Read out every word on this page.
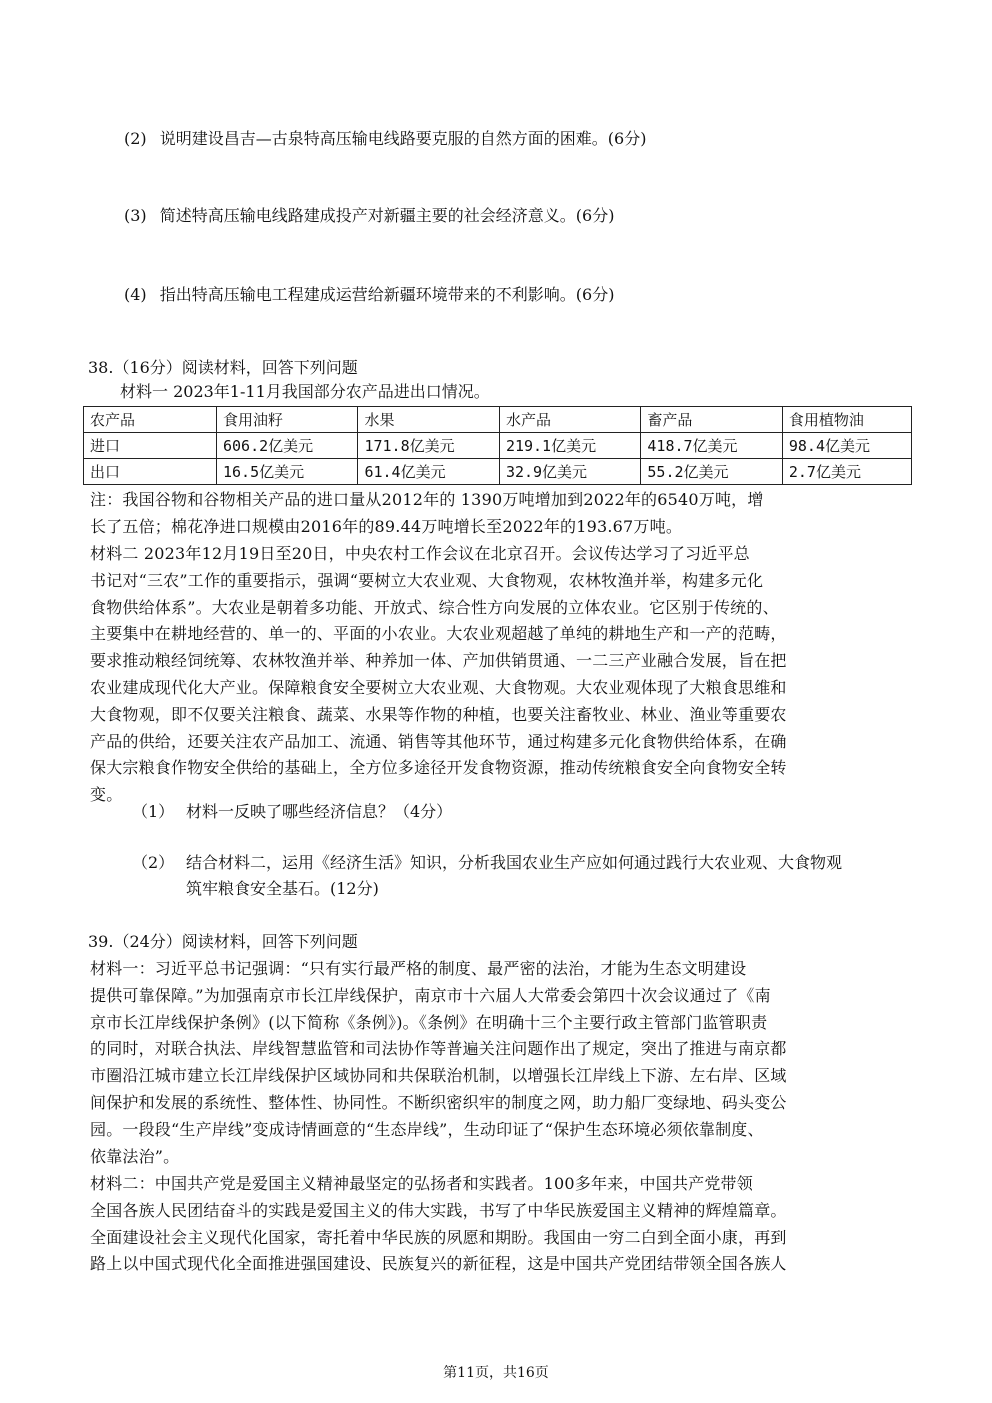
(2) 说明建设昌吉—古泉特高压输电线路要克服的自然方面的困难。(6分)
(3) 简述特高压输电线路建成投产对新疆主要的社会经济意义。(6分)
(4) 指出特高压输电工程建成运营给新疆环境带来的不利影响。(6分)
38.（16分）阅读材料，回答下列问题
材料一 2023年1-11月我国部分农产品进出口情况。
农产品	食用油籽	水果	水产品	畜产品	食用植物油
进口	606.2亿美元	171.8亿美元	219.1亿美元	418.7亿美元	98.4亿美元
出口	16.5亿美元	61.4亿美元	32.9亿美元	55.2亿美元	2.7亿美元
注：我国谷物和谷物相关产品的进口量从2012年的 1390万吨增加到2022年的6540万吨，增
长了五倍；棉花净进口规模由2016年的89.44万吨增长至2022年的193.67万吨。
材料二 2023年12月19日至20日，中央农村工作会议在北京召开。会议传达学习了习近平总
书记对“三农”工作的重要指示，强调“要树立大农业观、大食物观，农林牧渔并举，构建多元化
食物供给体系”。大农业是朝着多功能、开放式、综合性方向发展的立体农业。它区别于传统的、
主要集中在耕地经营的、单一的、平面的小农业。大农业观超越了单纯的耕地生产和一产的范畴，
要求推动粮经饲统筹、农林牧渔并举、种养加一体、产加供销贯通、一二三产业融合发展，旨在把
农业建成现代化大产业。保障粮食安全要树立大农业观、大食物观。大农业观体现了大粮食思维和
大食物观，即不仅要关注粮食、蔬菜、水果等作物的种植，也要关注畜牧业、林业、渔业等重要农
产品的供给，还要关注农产品加工、流通、销售等其他环节，通过构建多元化食物供给体系，在确
保大宗粮食作物安全供给的基础上，全方位多途径开发食物资源，推动传统粮食安全向食物安全转
变。
（1） 材料一反映了哪些经济信息？（4分）
（2） 结合材料二，运用《经济生活》知识，分析我国农业生产应如何通过践行大农业观、大食物观
筑牢粮食安全基石。(12分)
39.（24分）阅读材料，回答下列问题
材料一：习近平总书记强调：“只有实行最严格的制度、最严密的法治，才能为生态文明建设
提供可靠保障。”为加强南京市长江岸线保护，南京市十六届人大常委会第四十次会议通过了《南
京市长江岸线保护条例》(以下简称《条例》)。《条例》在明确十三个主要行政主管部门监管职责
的同时，对联合执法、岸线智慧监管和司法协作等普遍关注问题作出了规定，突出了推进与南京都
市圈沿江城市建立长江岸线保护区域协同和共保联治机制，以增强长江岸线上下游、左右岸、区域
间保护和发展的系统性、整体性、协同性。不断织密织牢的制度之网，助力船厂变绿地、码头变公
园。一段段“生产岸线”变成诗情画意的“生态岸线”，生动印证了“保护生态环境必须依靠制度、
依靠法治”。
材料二：中国共产党是爱国主义精神最坚定的弘扬者和实践者。100多年来，中国共产党带领
全国各族人民团结奋斗的实践是爱国主义的伟大实践，书写了中华民族爱国主义精神的辉煌篇章。
全面建设社会主义现代化国家，寄托着中华民族的夙愿和期盼。我国由一穷二白到全面小康，再到
路上以中国式现代化全面推进强国建设、民族复兴的新征程，这是中国共产党团结带领全国各族人
第11页，共16页
